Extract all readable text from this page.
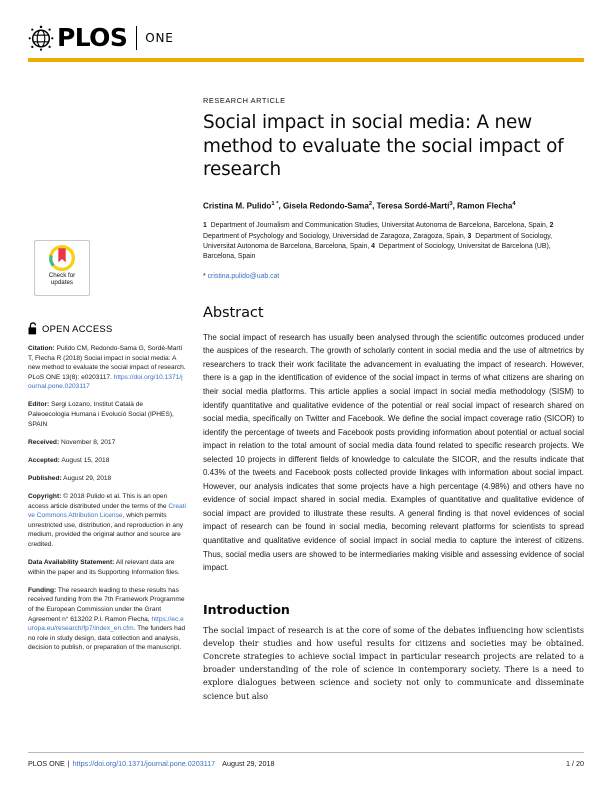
PLOS ONE
Check for
updates
OPEN ACCESS
Citation: Pulido CM, Redondo-Sama G, Sordé-Martí T, Flecha R (2018) Social impact in social media: A new method to evaluate the social impact of research. PLoS ONE 13(8): e0203117. https://doi.org/10.1371/journal.pone.0203117
Editor: Sergi Lozano, Institut Català de Paleoecologia Humana i Evolució Social (IPHES), SPAIN
Received: November 8, 2017
Accepted: August 15, 2018
Published: August 29, 2018
Copyright: © 2018 Pulido et al. This is an open access article distributed under the terms of the Creative Commons Attribution License, which permits unrestricted use, distribution, and reproduction in any medium, provided the original author and source are credited.
Data Availability Statement: All relevant data are within the paper and its Supporting Information files.
Funding: The research leading to these results has received funding from the 7th Framework Programme of the European Commission under the Grant Agreement n° 613202 P.I. Ramon Flecha, https://ec.europa.eu/research/fp7/index_en.cfm. The funders had no role in study design, data collection and analysis, decision to publish, or preparation of the manuscript.
RESEARCH ARTICLE
Social impact in social media: A new method to evaluate the social impact of research
Cristina M. Pulido$^1$ *, Gisela Redondo-Sama$^2$, Teresa Sordé-Martí$^3$, Ramon Flecha$^4$
1  Department of Journalism and Communication Studies, Universitat Autonoma de Barcelona, Barcelona, Spain, 2  Department of Psychology and Sociology, Universidad de Zaragoza, Zaragoza, Spain, 3  Department of Sociology, Universitat Autonoma de Barcelona, Barcelona, Spain, 4  Department of Sociology, Universitat de Barcelona (UB), Barcelona, Spain
* cristina.pulido@uab.cat
Abstract

The social impact of research has usually been analysed through the scientific outcomes produced under the auspices of the research. The growth of scholarly content in social media and the use of altmetrics by researchers to track their work facilitate the advancement in evaluating the impact of research. However, there is a gap in the identification of evidence of the social impact in terms of what citizens are sharing on their social media platforms. This article applies a social impact in social media methodology (SISM) to identify quantitative and qualitative evidence of the potential or real social impact of research shared on social media, specifically on Twitter and Facebook. We define the social impact coverage ratio (SICOR) to identify the percentage of tweets and Facebook posts providing information about potential or actual social impact in relation to the total amount of social media data found related to specific research projects. We selected 10 projects in different fields of knowledge to calculate the SICOR, and the results indicate that 0.43% of the tweets and Facebook posts collected provide linkages with information about social impact. However, our analysis indicates that some projects have a high percentage (4.98%) and others have no evidence of social impact shared in social media. Examples of quantitative and qualitative evidence of social impact are provided to illustrate these results. A general finding is that novel evidences of social impact of research can be found in social media, becoming relevant platforms for scientists to spread quantitative and qualitative evidence of social impact in social media to capture the interest of citizens. Thus, social media users are showed to be intermediaries making visible and assessing evidence of social impact.

Introduction

The social impact of research is at the core of some of the debates influencing how scientists develop their studies and how useful results for citizens and societies may be obtained. Concrete strategies to achieve social impact in particular research projects are related to a broader understanding of the role of science in contemporary society. There is a need to explore dialogues between science and society not only to communicate and disseminate science but also

PLOS ONE | https://doi.org/10.1371/journal.pone.0203117 August 29, 2018	1 / 20
